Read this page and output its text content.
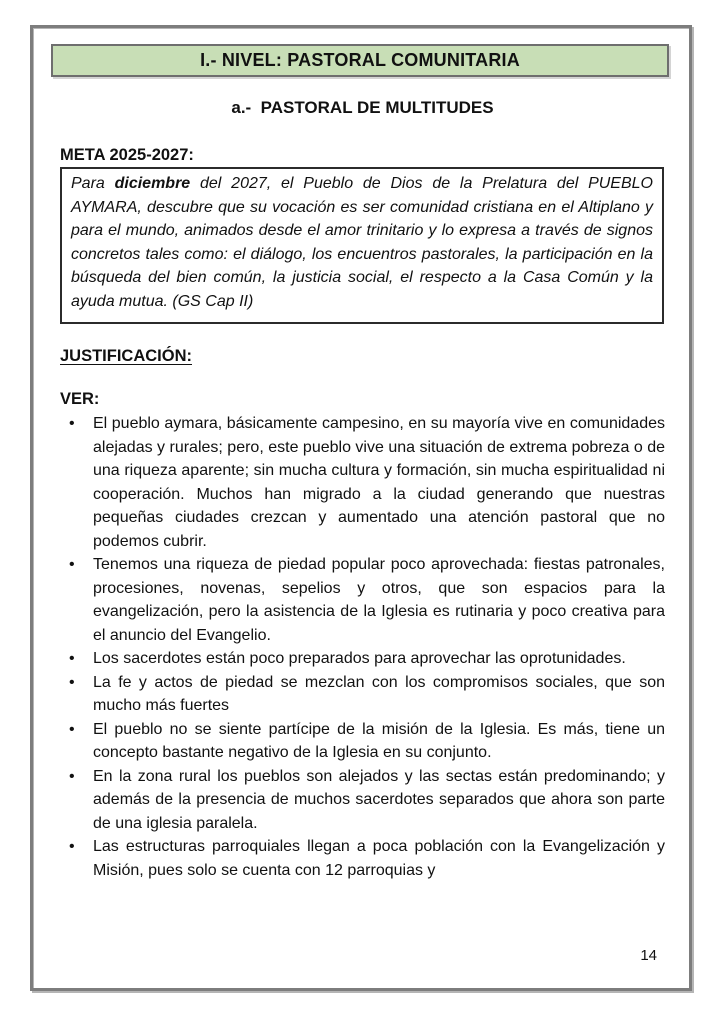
I.- NIVEL: PASTORAL COMUNITARIA
a.-  PASTORAL DE MULTITUDES
META 2025-2027:
Para diciembre del 2027, el Pueblo de Dios de la Prelatura del PUEBLO AYMARA, descubre que su vocación es ser comunidad cristiana en el Altiplano y para el mundo, animados desde el amor trinitario y lo expresa a través de signos concretos tales como: el diálogo, los encuentros pastorales, la participación en la búsqueda del bien común, la justicia social, el respecto a la Casa Común y la ayuda mutua. (GS Cap II)
JUSTIFICACIÓN:
VER:
• El pueblo aymara, básicamente campesino, en su mayoría vive en comunidades alejadas y rurales; pero, este pueblo vive una situación de extrema pobreza o de una riqueza aparente; sin mucha cultura y formación, sin mucha espiritualidad ni cooperación. Muchos han migrado a la ciudad generando que nuestras pequeñas ciudades crezcan y aumentado una atención pastoral que no podemos cubrir.
• Tenemos una riqueza de piedad popular poco aprovechada: fiestas patronales, procesiones, novenas, sepelios y otros, que son espacios para la evangelización, pero la asistencia de la Iglesia es rutinaria y poco creativa para el anuncio del Evangelio.
• Los sacerdotes están poco preparados para aprovechar las oprotunidades.
• La fe y actos de piedad se mezclan con los compromisos sociales, que son mucho más fuertes
• El pueblo no se siente partícipe de la misión de la Iglesia. Es más, tiene un concepto bastante negativo de la Iglesia en su conjunto.
• En la zona rural los pueblos son alejados y las sectas están predominando; y además de la presencia de muchos sacerdotes separados que ahora son parte de una iglesia paralela.
• Las estructuras parroquiales llegan a poca población con la Evangelización y Misión, pues solo se cuenta con 12 parroquias y
14
